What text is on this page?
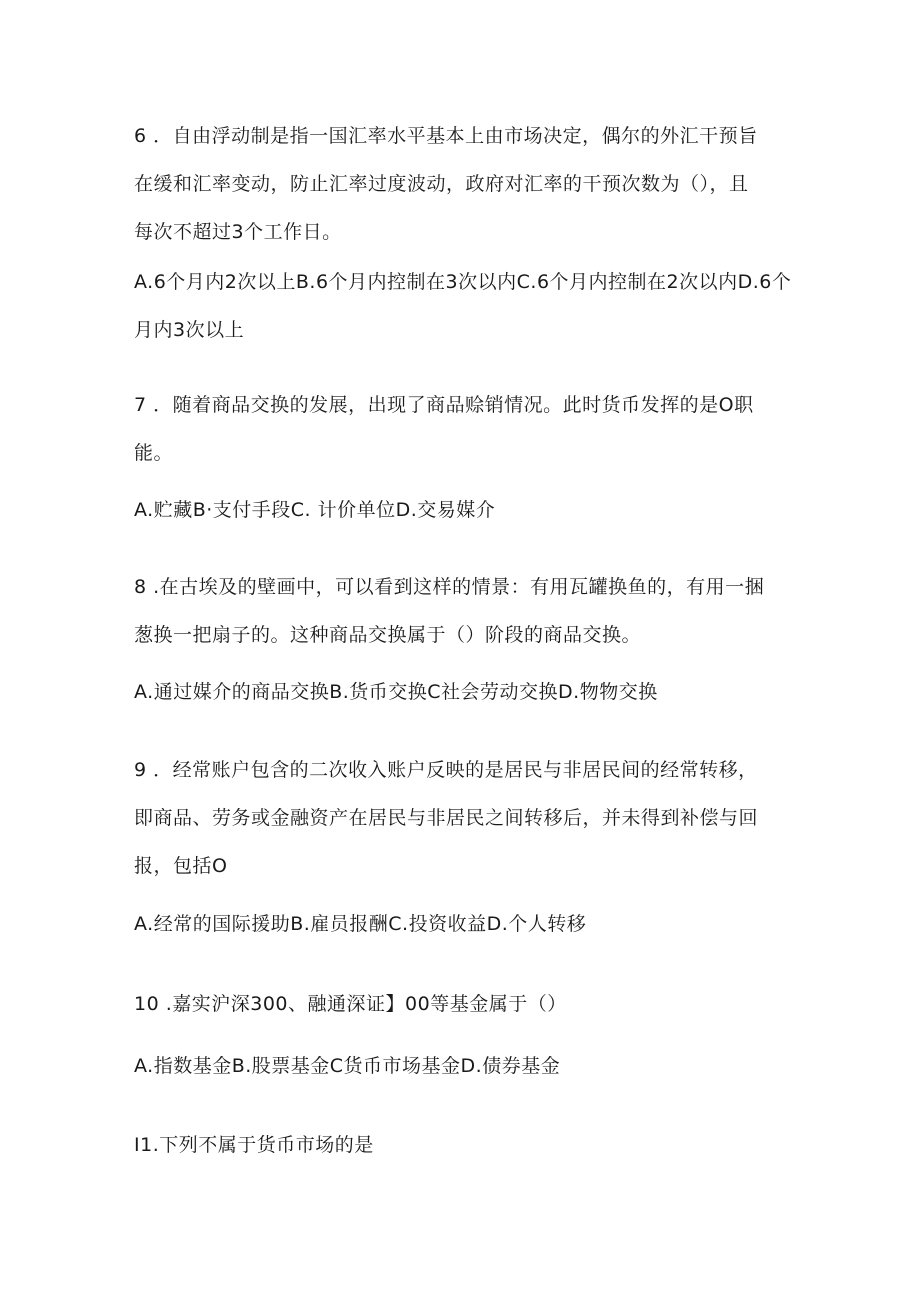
6 ．自由浮动制是指一国汇率水平基本上由市场决定，偶尔的外汇干预旨
在缓和汇率变动，防止汇率过度波动，政府对汇率的干预次数为（），且
每次不超过3个工作日。
A.6个月内2次以上B.6个月内控制在3次以内C.6个月内控制在2次以内D.6个
月内3次以上
7 ．随着商品交换的发展，出现了商品赊销情况。此时货币发挥的是O职
能。
A.贮藏B·支付手段C. 计价单位D.交易媒介
8 .在古埃及的壁画中，可以看到这样的情景：有用瓦罐换鱼的，有用一捆
葱换一把扇子的。这种商品交换属于（）阶段的商品交换。
A.通过媒介的商品交换B.货币交换C社会劳动交换D.物物交换
9 ．经常账户包含的二次收入账户反映的是居民与非居民间的经常转移，
即商品、劳务或金融资产在居民与非居民之间转移后，并未得到补偿与回
报，包括O
A.经常的国际援助B.雇员报酬C.投资收益D.个人转移
10 .嘉实沪深300、融通深证】00等基金属于（）
A.指数基金B.股票基金C货币市场基金D.债券基金
I1.下列不属于货币市场的是
